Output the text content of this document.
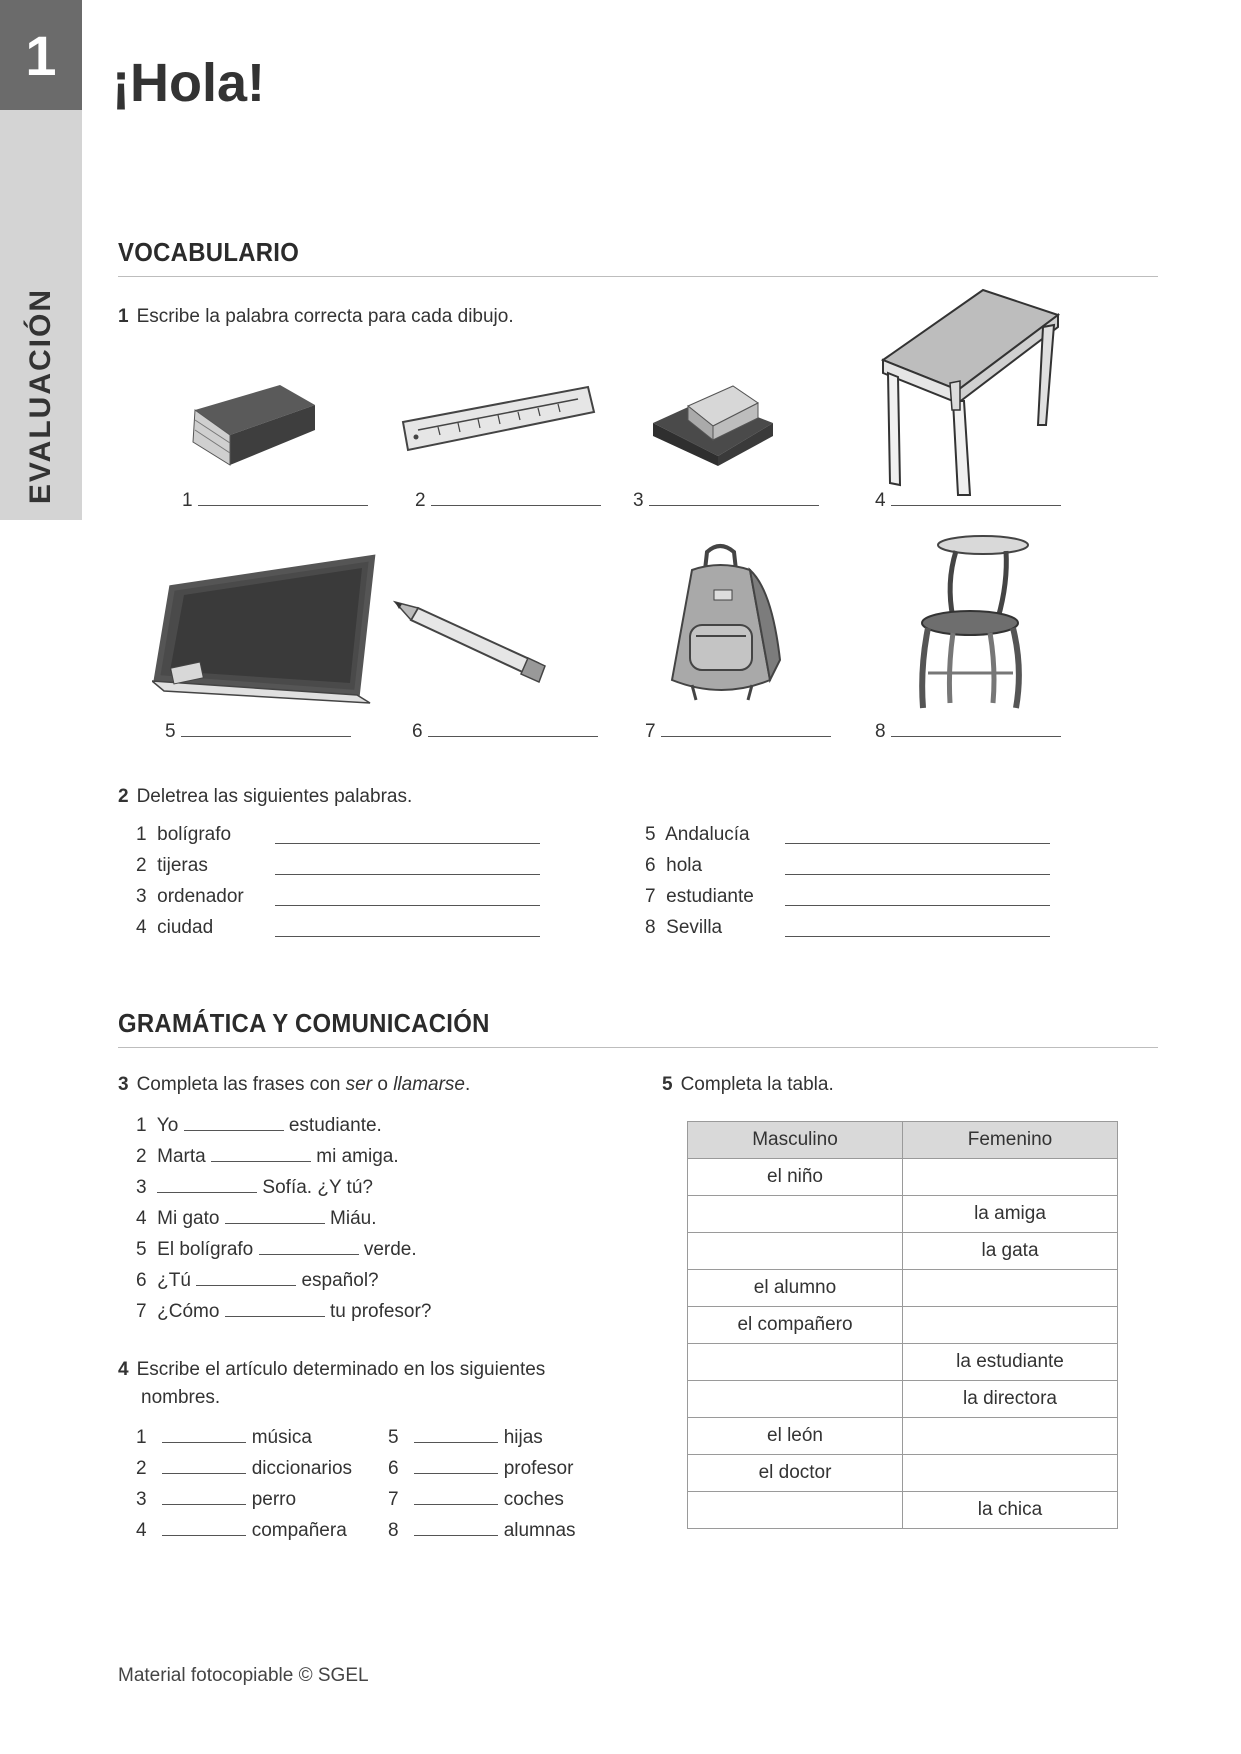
1
EVALUACIÓN
¡Hola!
VOCABULARIO
1 Escribe la palabra correcta para cada dibujo.
1	2	3	4
5	6	7	8
2 Deletrea las siguientes palabras.
1 bolígrafo
2 tijeras
3 ordenador
4 ciudad
5 Andalucía
6 hola
7 estudiante
8 Sevilla
GRAMÁTICA Y COMUNICACIÓN
3 Completa las frases con ser o llamarse.
1 Yo	estudiante.
2 Marta	mi amiga.
3	Sofía. ¿Y tú?
4 Mi gato	Miáu.
5 El bolígrafo	verde.
6 ¿Tú	español?
7 ¿Cómo	tu profesor?
4 Escribe el artículo determinado en los siguientes
nombres.
1	música
2	diccionarios
3	perro
4	compañera
5	hijas
6	profesor
7	coches
8	alumnas
5 Completa la tabla.
Masculino	Femenino
el niño	
	la amiga
	la gata
el alumno	
el compañero	
	la estudiante
	la directora
el león	
el doctor	
	la chica
Material fotocopiable © SGEL
